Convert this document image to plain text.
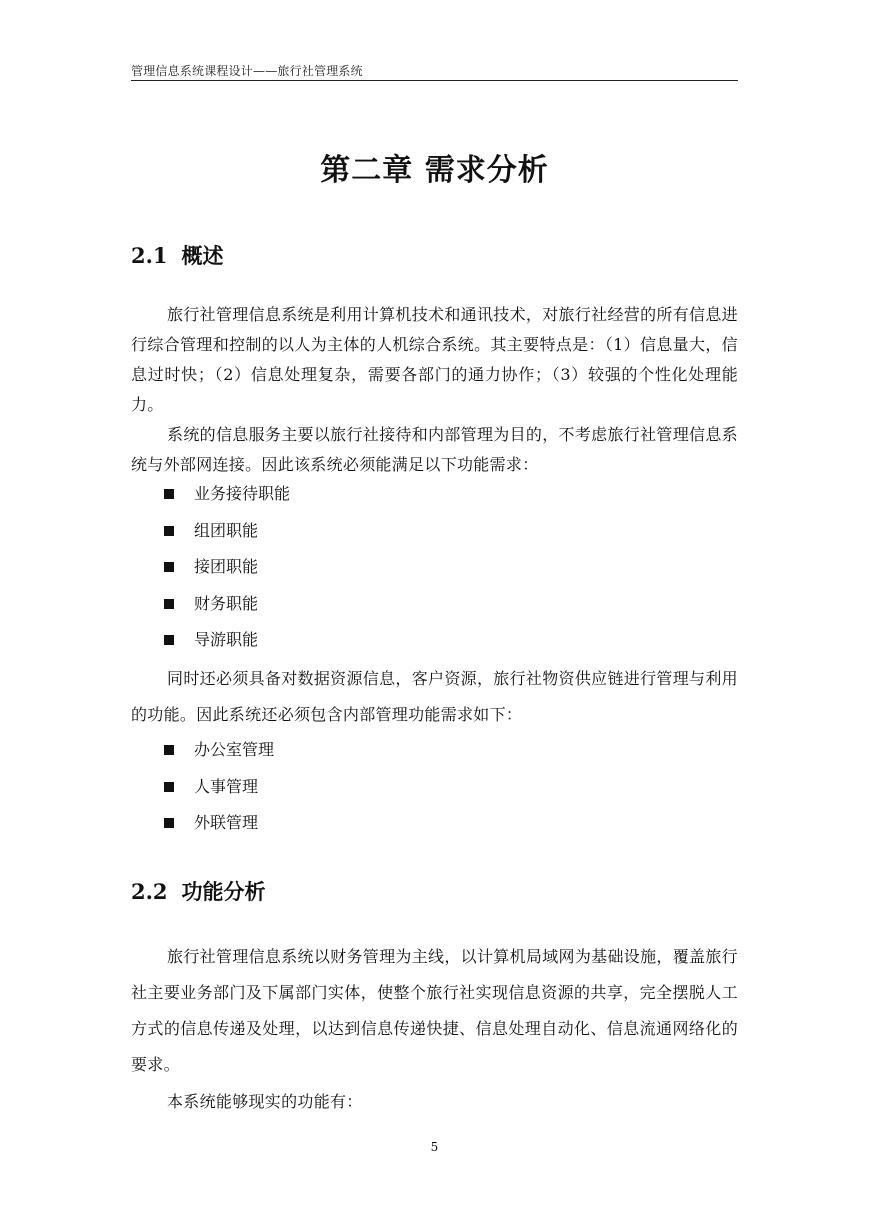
管理信息系统课程设计——旅行社管理系统
第二章 需求分析
2.1 概述
旅行社管理信息系统是利用计算机技术和通讯技术，对旅行社经营的所有信息进行综合管理和控制的以人为主体的人机综合系统。其主要特点是：（1）信息量大，信息过时快；（2）信息处理复杂，需要各部门的通力协作；（3）较强的个性化处理能力。
系统的信息服务主要以旅行社接待和内部管理为目的，不考虑旅行社管理信息系统与外部网连接。因此该系统必须能满足以下功能需求：
业务接待职能
组团职能
接团职能
财务职能
导游职能
同时还必须具备对数据资源信息，客户资源，旅行社物资供应链进行管理与利用的功能。因此系统还必须包含内部管理功能需求如下：
办公室管理
人事管理
外联管理
2.2 功能分析
旅行社管理信息系统以财务管理为主线，以计算机局域网为基础设施，覆盖旅行社主要业务部门及下属部门实体，使整个旅行社实现信息资源的共享，完全摆脱人工方式的信息传递及处理，以达到信息传递快捷、信息处理自动化、信息流通网络化的要求。
本系统能够现实的功能有：
5
